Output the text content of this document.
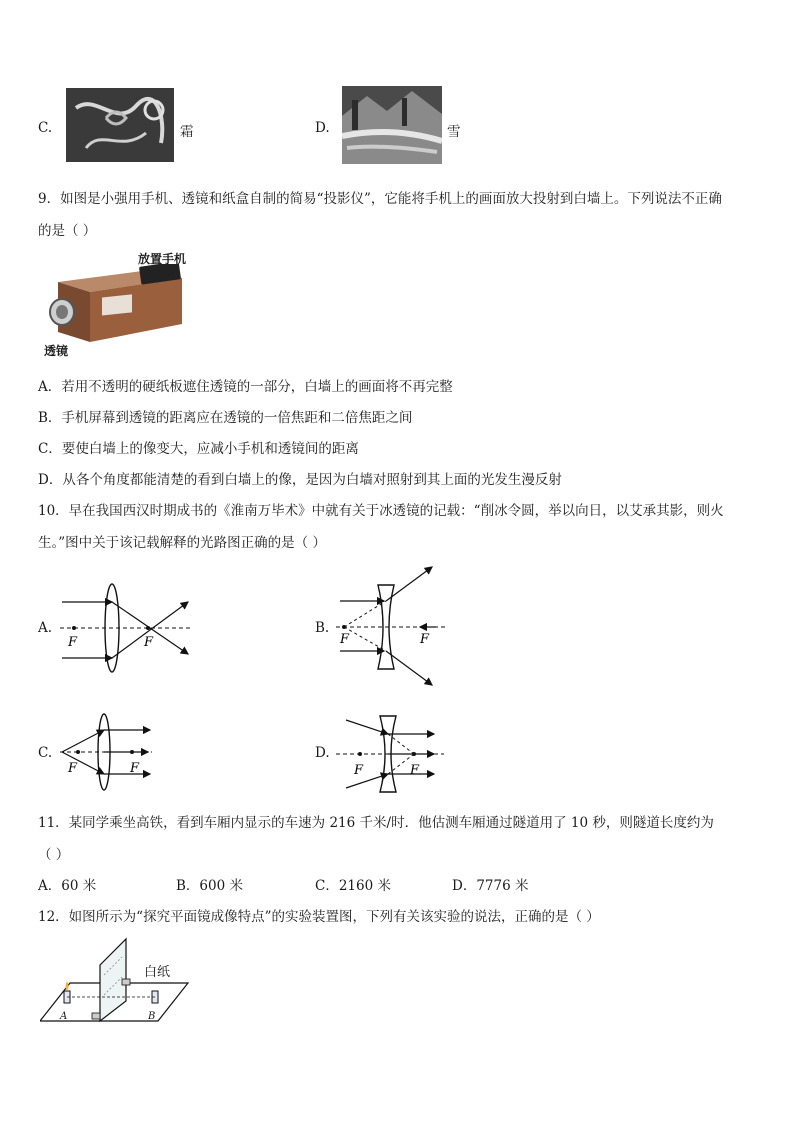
C.	霜	D.	雪
9．如图是小强用手机、透镜和纸盒自制的简易“投影仪”，它能将手机上的画面放大投射到白墙上。下列说法不正确
的是（ ）
放置手机
透镜
A．若用不透明的硬纸板遮住透镜的一部分，白墙上的画面将不再完整
B．手机屏幕到透镜的距离应在透镜的一倍焦距和二倍焦距之间
C．要使白墙上的像变大，应减小手机和透镜间的距离
D．从各个角度都能清楚的看到白墙上的像，是因为白墙对照射到其上面的光发生漫反射
10．早在我国西汉时期成书的《淮南万毕术》中就有关于冰透镜的记载：“削冰令圆，举以向日，以艾承其影，则火
生。”图中关于该记载解释的光路图正确的是（ ）
A.
F	F
B.
F	F
C.
F	F
D.
F	F
11．某同学乘坐高铁，看到车厢内显示的车速为 216 千米/时．他估测车厢通过隧道用了 10 秒，则隧道长度约为
（ ）
A．60 米	B．600 米	C．2160 米	D．7776 米
12．如图所示为“探究平面镜成像特点”的实验装置图，下列有关该实验的说法，正确的是（ ）
白纸
A	B
